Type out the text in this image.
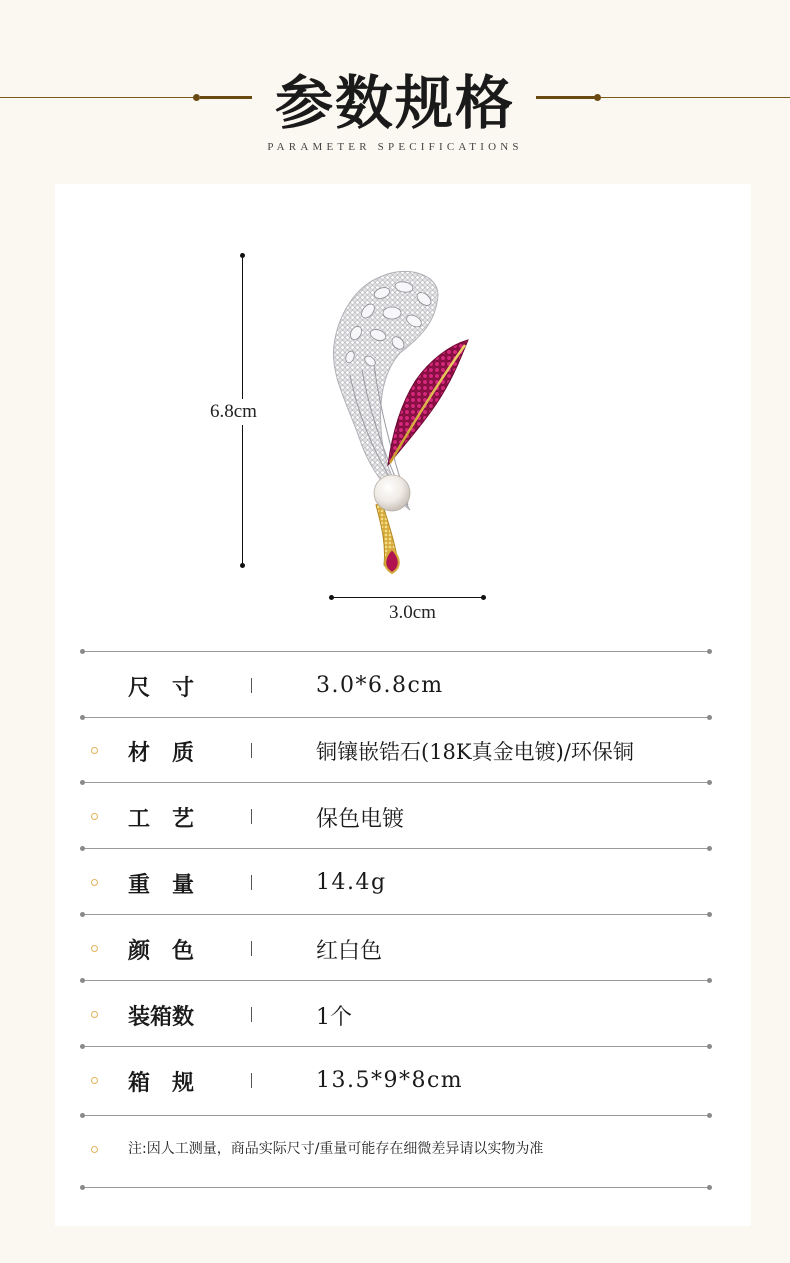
参数规格
PARAMETER SPECIFICATIONS
6.8cm
3.0cm
尺　寸	3.0*6.8cm
材　质	铜镶嵌锆石(18K真金电镀)/环保铜
工　艺	保色电镀
重　量	14.4g
颜　色	红白色
装箱数	1个
箱　规	13.5*9*8cm
注:因人工测量，商品实际尺寸/重量可能存在细微差异请以实物为准
